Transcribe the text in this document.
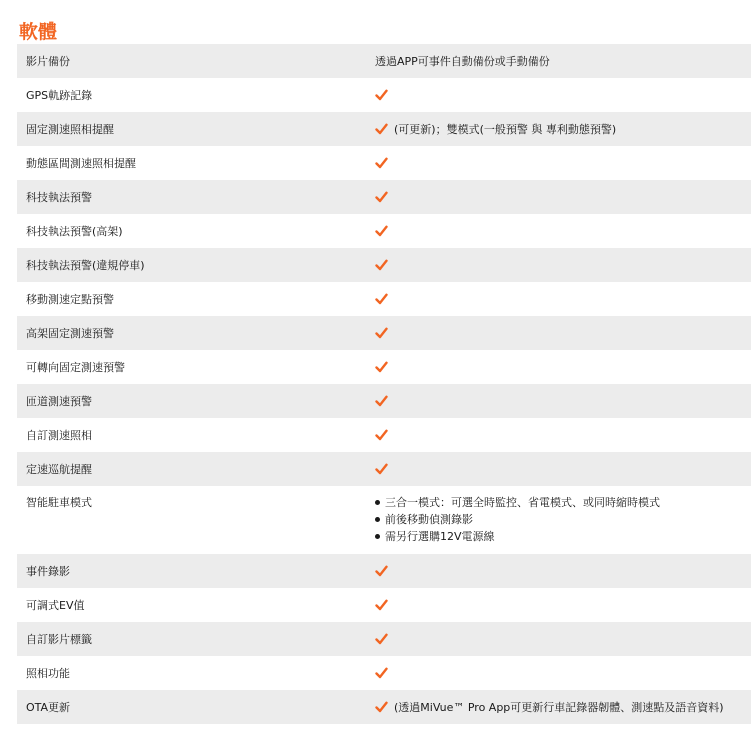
軟體
影片備份	透過APP可事件自動備份或手動備份
GPS軌跡記錄
固定測速照相提醒	(可更新)；雙模式(一般預警 與 專利動態預警)
動態區間測速照相提醒
科技執法預警
科技執法預警(高架)
科技執法預警(違規停車)
移動測速定點預警
高架固定測速預警
可轉向固定測速預警
匝道測速預警
自訂測速照相
定速巡航提醒
智能駐車模式	三合一模式：可選全時監控、省電模式、或同時縮時模式
前後移動偵測錄影
需另行選購12V電源線
事件錄影
可調式EV值
自訂影片標籤
照相功能
OTA更新	(透過MiVue™ Pro App可更新行車記錄器韌體、測速點及語音資料)
